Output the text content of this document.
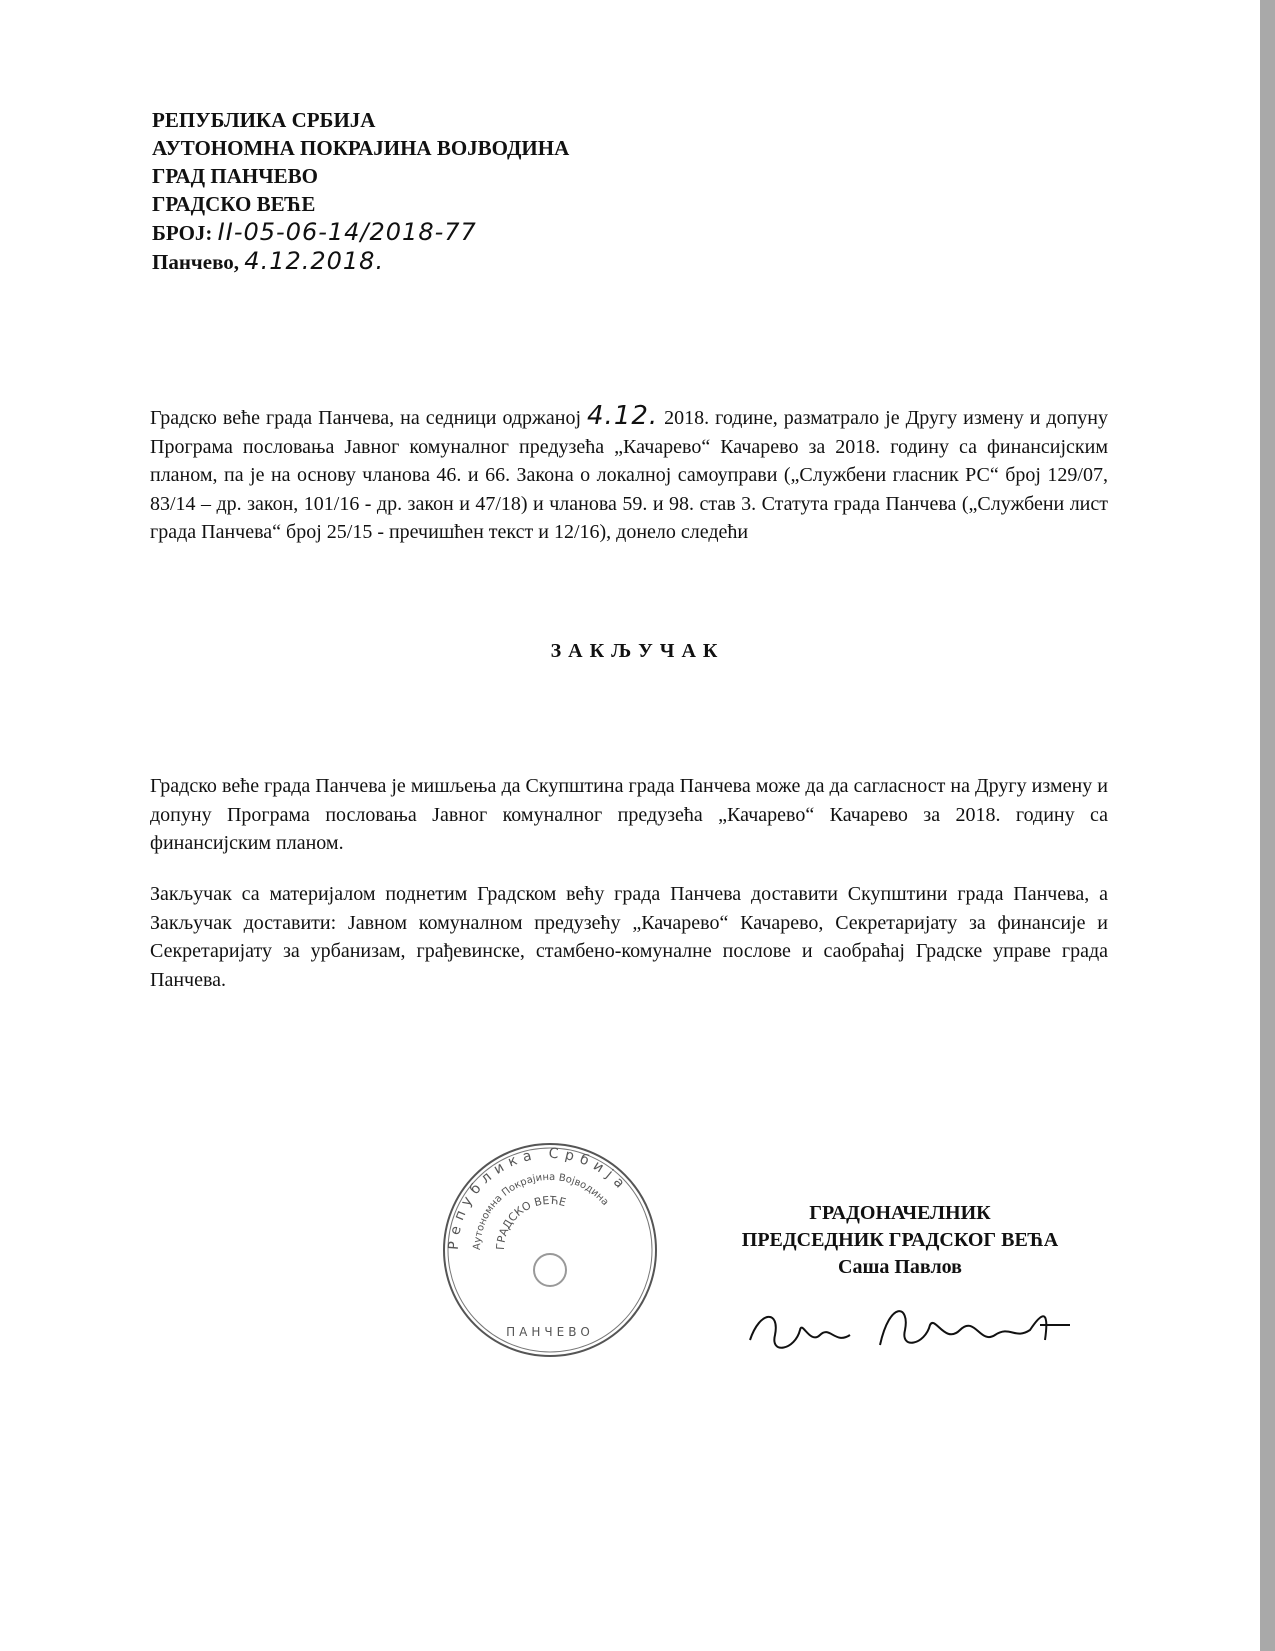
РЕПУБЛИКА СРБИЈА
АУТОНОМНА ПОКРАЈИНА ВОЈВОДИНА
ГРАД ПАНЧЕВО
ГРАДСКО ВЕЋЕ
БРОЈ: II-05-06-14/2018-77
Панчево, 4.12.2018.
Градско веће града Панчева, на седници одржаној 4.12. 2018. године, разматрало је Другу измену и допуну Програма пословања Јавног комуналног предузећа „Качарево“ Качарево за 2018. годину са финансијским планом, па је на основу чланова 46. и 66. Закона о локалној самоуправи („Службени гласник РС“ број 129/07, 83/14 – др. закон, 101/16 - др. закон и 47/18) и чланова 59. и 98. став 3. Статута града Панчева („Службени лист града Панчева“ број 25/15 - пречишћен текст и 12/16), донело следећи
ЗАКЉУЧАК
Градско веће града Панчева је мишљења да Скупштина града Панчева може да да сагласност на Другу измену и допуну Програма пословања Јавног комуналног предузећа „Качарево“ Качарево за 2018. годину са финансијским планом.
Закључак са материјалом поднетим Градском већу града Панчева доставити Скупштини града Панчева, а Закључак доставити: Јавном комуналном предузећу „Качарево“ Качарево, Секретаријату за финансије и Секретаријату за урбанизам, грађевинске, стамбено-комуналне послове и саобраћај Градске управе града Панчева.
Република Србија
Аутономна Покрајина Војводина
ГРАДСКО ВЕЋЕ
ПАНЧЕВО
ГРАДОНАЧЕЛНИК
ПРЕДСЕДНИК ГРАДСКОГ ВЕЋА
Саша Павлов
